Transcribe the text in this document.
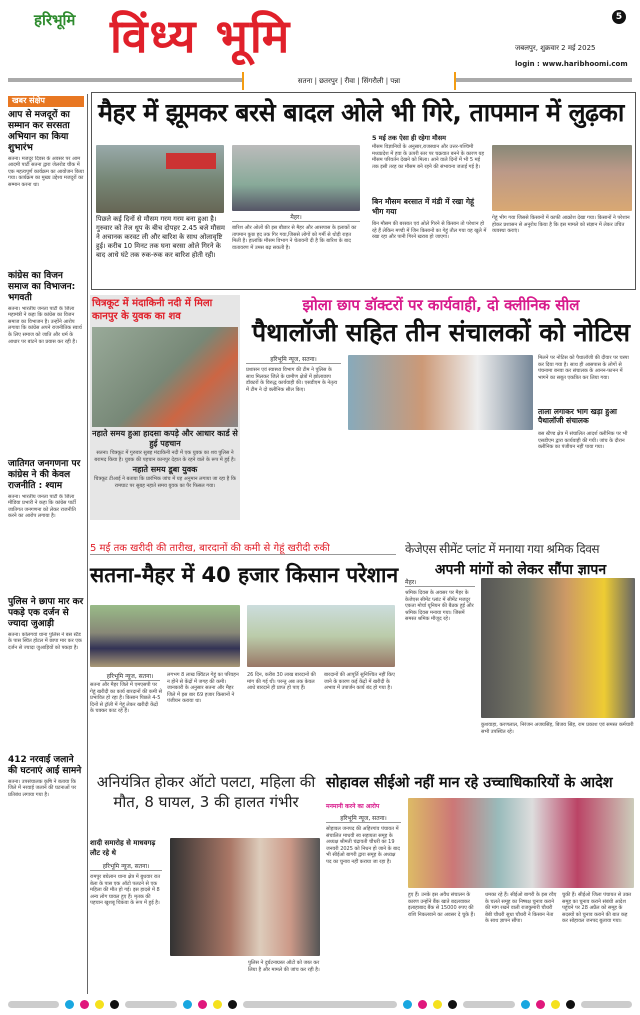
हरिभूमि विंध्य भूमि	5
जबलपुर, शुक्रवार 2 मई 2025
login : www.haribhoomi.com
सतना | छतरपुर | रीवा | सिंगरौली | पन्ना
खबर संक्षेप
आप से मजदूरों का सम्मान कर सरसता अभियान का किया शुभारंभ
सतना। मजदूर दिवस के अवसर पर आम आदमी पार्टी सतना द्वारा जेलरोड चौक में एक महत्वपूर्ण कार्यक्रम का आयोजन किया गया। कार्यक्रम का मुख्य उद्देश्य मजदूरों का सम्मान करना था।
कांग्रेस का विजन समाज का विभाजन: भगवती
सतना। भारतीय जनता पार्टी के जिला महामंत्री ने कहा कि कांग्रेस का विजन समाज का विभाजन है। उन्होंने आरोप लगाया कि कांग्रेस अपने राजनीतिक स्वार्थ के लिए समाज को जाति और धर्म के आधार पर बांटने का प्रयास कर रही है।
जातिगत जनगणना पर कांग्रेस ने की केवल राजनीति : श्याम
सतना। भारतीय जनता पार्टी के जिला मीडिया प्रभारी ने कहा कि कांग्रेस पार्टी जातिगत जनगणना को लेकर राजनीति करने का आरोप लगाया है।
पुलिस ने छापा मार कर पकड़े एक दर्जन से ज्यादा जुआड़ी
सतना। कोलगवां थाना पुलिस ने बस स्टैंड के पास स्थित होटल में छापा मार कर एक दर्जन से ज्यादा जुआड़ियों को पकड़ा है।
412 नरवाई जलाने की घटनाएं आई सामने
सतना। उपसंचालक कृषि ने बताया कि जिले में नरवाई जलाने की घटनाओं पर प्रतिबंध लगाया गया है।
मैहर में झूमकर बरसे बादल ओले भी गिरे, तापमान में लुढ़का
मैहर।
पिछले कई दिनों से मौसम गरम गरम बना हुआ है। गुरुवार को तेज धूप के बीच दोपहर 2.45 बजे मौसम ने अचानक करवट ली और बारिश के साथ ओलावृष्टि हुई। करीब 10 मिनट तक घना बरसा ओले गिरने के बाद आधे घंटे तक रुक-रुक कर बारिश होती रही।
बारिश और ओलों की इस बौछार से मैहर और आसपास के इलाकों का तापमान कुछ हद तक गिर गया,जिससे लोगों को गर्मी से थोड़ी राहत मिली है। हालांकि मौसम विभाग ने चेतावनी दी है कि बारिश के बाद वातावरण में उमस बढ़ सकती है।
5 मई तक ऐसा ही रहेगा मौसम
मौसम विज्ञानियों के अनुसार,राजस्थान और उत्तर-पश्चिमी मध्यप्रदेश में हवा के ऊपरी स्तर पर चक्रवात बनने के कारण यह मौसम परिवर्तन देखने को मिला। आने वाले दिनों में भी 5 मई तक इसी तरह का मौसम बने रहने की संभावना जताई गई है।
बिन मौसम बरसात में मंडी में रखा गेहूं भीग गया
बिन मौसम की बरसात एवं ओले गिरने से किसान तो परेशान हो रहे हैं लेकिन मण्डी में जिन किसानों का गेहूं तौल गया वह खुले में रखा रहा और पानी गिरने खराब हो जाएगा।
गेहूं भीग गया जिससे किसानों में काफी आक्रोश देखा गया। किसानों ने परेशान होकर प्रशासन से अनुरोध किया है कि इस मामले को संज्ञान में लेकर उचित व्यवस्था कराएं।
चित्रकूट में मंदाकिनी नदी में मिला कानपुर के युवक का शव
नहाते समय हुआ हादसा कपड़े और आधार कार्ड से हुई पहचान
सतना। चित्रकूट में गुरुवार सुबह मंदाकिनी नदी में एक युवक का शव पुलिस ने बरामद किया है। युवक की पहचान कानपुर देहात के रहने वाले के रूप में हुई है।
नहाते समय डूबा युवक
चित्रकूट टीआई ने बताया कि प्रारंभिक जांच में यह अनुमान लगाया जा रहा है कि रामघाट पर सुबह नहाते समय युवक का पैर फिसल गया।
झोला छाप डॉक्टरों पर कार्यवाही, दो क्लीनिक सील
पैथालॉजी सहित तीन संचालकों को नोटिस
हरिभूमि न्यूज, सतना।
प्रशासन एवं स्वास्थ्य विभाग की टीम ने पुलिस के साथ मिलकर जिले के ग्रामीण क्षेत्रों में झोलाछाप डॉक्टरों के विरुद्ध कार्यवाही की। एसडीएम के नेतृत्व में टीम ने दो क्लीनिक सील किए।
मिलने पर नोटिस को पैथालॉजी की दीवार पर चस्पा कर दिया गया है। साथ ही आसपास के लोगों से पंचनामा बनवा कर संचालक के आनन-फानन में भागने का सबूत एकत्रित कर लिया गया।
ताला लगाकर भाग खड़ा हुआ पैथालॉजी संचालक
बस स्टैण्ड क्षेत्र में संचालित आदर्श क्लीनिक पर भी एसडीएम द्वारा कार्यवाही की गयी। जांच के दौरान क्लीनिक का पंजीयन नहीं पाया गया।
5 मई तक खरीदी की तारीख, बारदानों की कमी से गेहूं खरीदी रुकी
सतना-मैहर में 40 हजार किसान परेशान
हरिभूमि न्यूज, सतना।
सतना और मैहर जिले में एमएसपी पर गेहूं खरीदी का कार्य बारदानों की कमी से प्रभावित हो रहा है। किसान पिछले 4-5 दिनों से ट्रॉली में गेहूं लेकर खरीदी केंद्रों के चक्कर काट रहे हैं।
लगभग 8 लाख क्विंटल गेहूं का परिवहन न होने से केंद्रों में जगह की कमी। जानकारी के अनुसार सतना और मैहर जिले में इस बार 69 हजार किसानों ने पंजीयन कराया था।
26 दिन, करीब 30 लाख बारदानों की मांग की गई थी। परन्तु अब तक केवल आधे बारदाने ही प्राप्त हो पाए हैं।
बारदानों की आपूर्ति सुनिश्चित नहीं किए जाने के कारण कई केंद्रों में खरीदी के अभाव में उपार्जन कार्य बंद हो गया है।
केजेएस सीमेंट प्लांट में मनाया गया श्रमिक दिवस
अपनी मांगों को लेकर सौंपा ज्ञापन
मैहर।
श्रमिक दिवस के अवसर पर मैहर के केजेएस सीमेंट प्लांट में सीमेंट मजदूर एकता मोर्चा यूनियन की बैठक हुई और श्रमिक दिवस मनाया गया। जिसमें समस्त श्रमिक मौजूद रहे।
कुशवाहा, करणलाल, निरंजन अजयसिंह, बिजय सिंह, राम प्रकाश एवं समस्त कर्मचारी सभी उपस्थित रहे।
अनियंत्रित होकर ऑटो पलटा, महिला की मौत, 8 घायल, 3 की हालत गंभीर
शादी समारोह से माधवगढ़ लौट रहे थे
हरिभूमि न्यूज, सतना।
रामपुर बघेलान थाना क्षेत्र में बुधवार रात बेला के पास एक ऑटो पलटने से एक महिला की मौत हो गई। इस हादसे में 8 अन्य लोग घायल हुए हैं। मृतक की पहचान खुशबू चिकवा के रूप में हुई है।
पुलिस ने दुर्घटनाग्रस्त ऑटो को जब्त कर लिया है और मामले की जांच कर रही है।
सोहावल सीईओ नहीं मान रहे उच्चाधिकारियों के आदेश
मनमानी करने का आरोप
हरिभूमि न्यूज, सतना।
सोहावल जनपद की अहिरगांव पंचायत में संचालित माधवी स्व सहायता समूह के अध्यक्ष श्रीमती चंद्रावती चौधरी का 19 जनवरी 2025 को निधन हो जाने के बाद भी सीईओ बागरी द्वारा समूह के अध्यक्ष पद का चुनाव नहीं कराया जा रहा है।
हुए हैं। उनके इस अवैध संचालन के कारण उन्होंने बैंक खाते बदलवाकर इलाहाबाद बैंक से 15000 रुपए की राशि निकलवाने का अवसर दे चुके हैं।
धमका रहे हैं। सीईओ बागरी के इस रवैए के चलते समूह का निष्पक्ष चुनाव कराने की मांग रखने वाली राजकुमारी चौधरी बेबी चौधरी सुधा चौधरी ने किसान नेता के साथ ज्ञापन सौंपा।
चुकी हैं। सीईओ जिला पंचायत से उक्त समूह का चुनाव कराने संबंधी आदेश पहुंचने पर 28 अप्रैल को समूह के सदस्यों को चुनाव कराने की बात कह कर सोहावल जनपद बुलाया गया।
